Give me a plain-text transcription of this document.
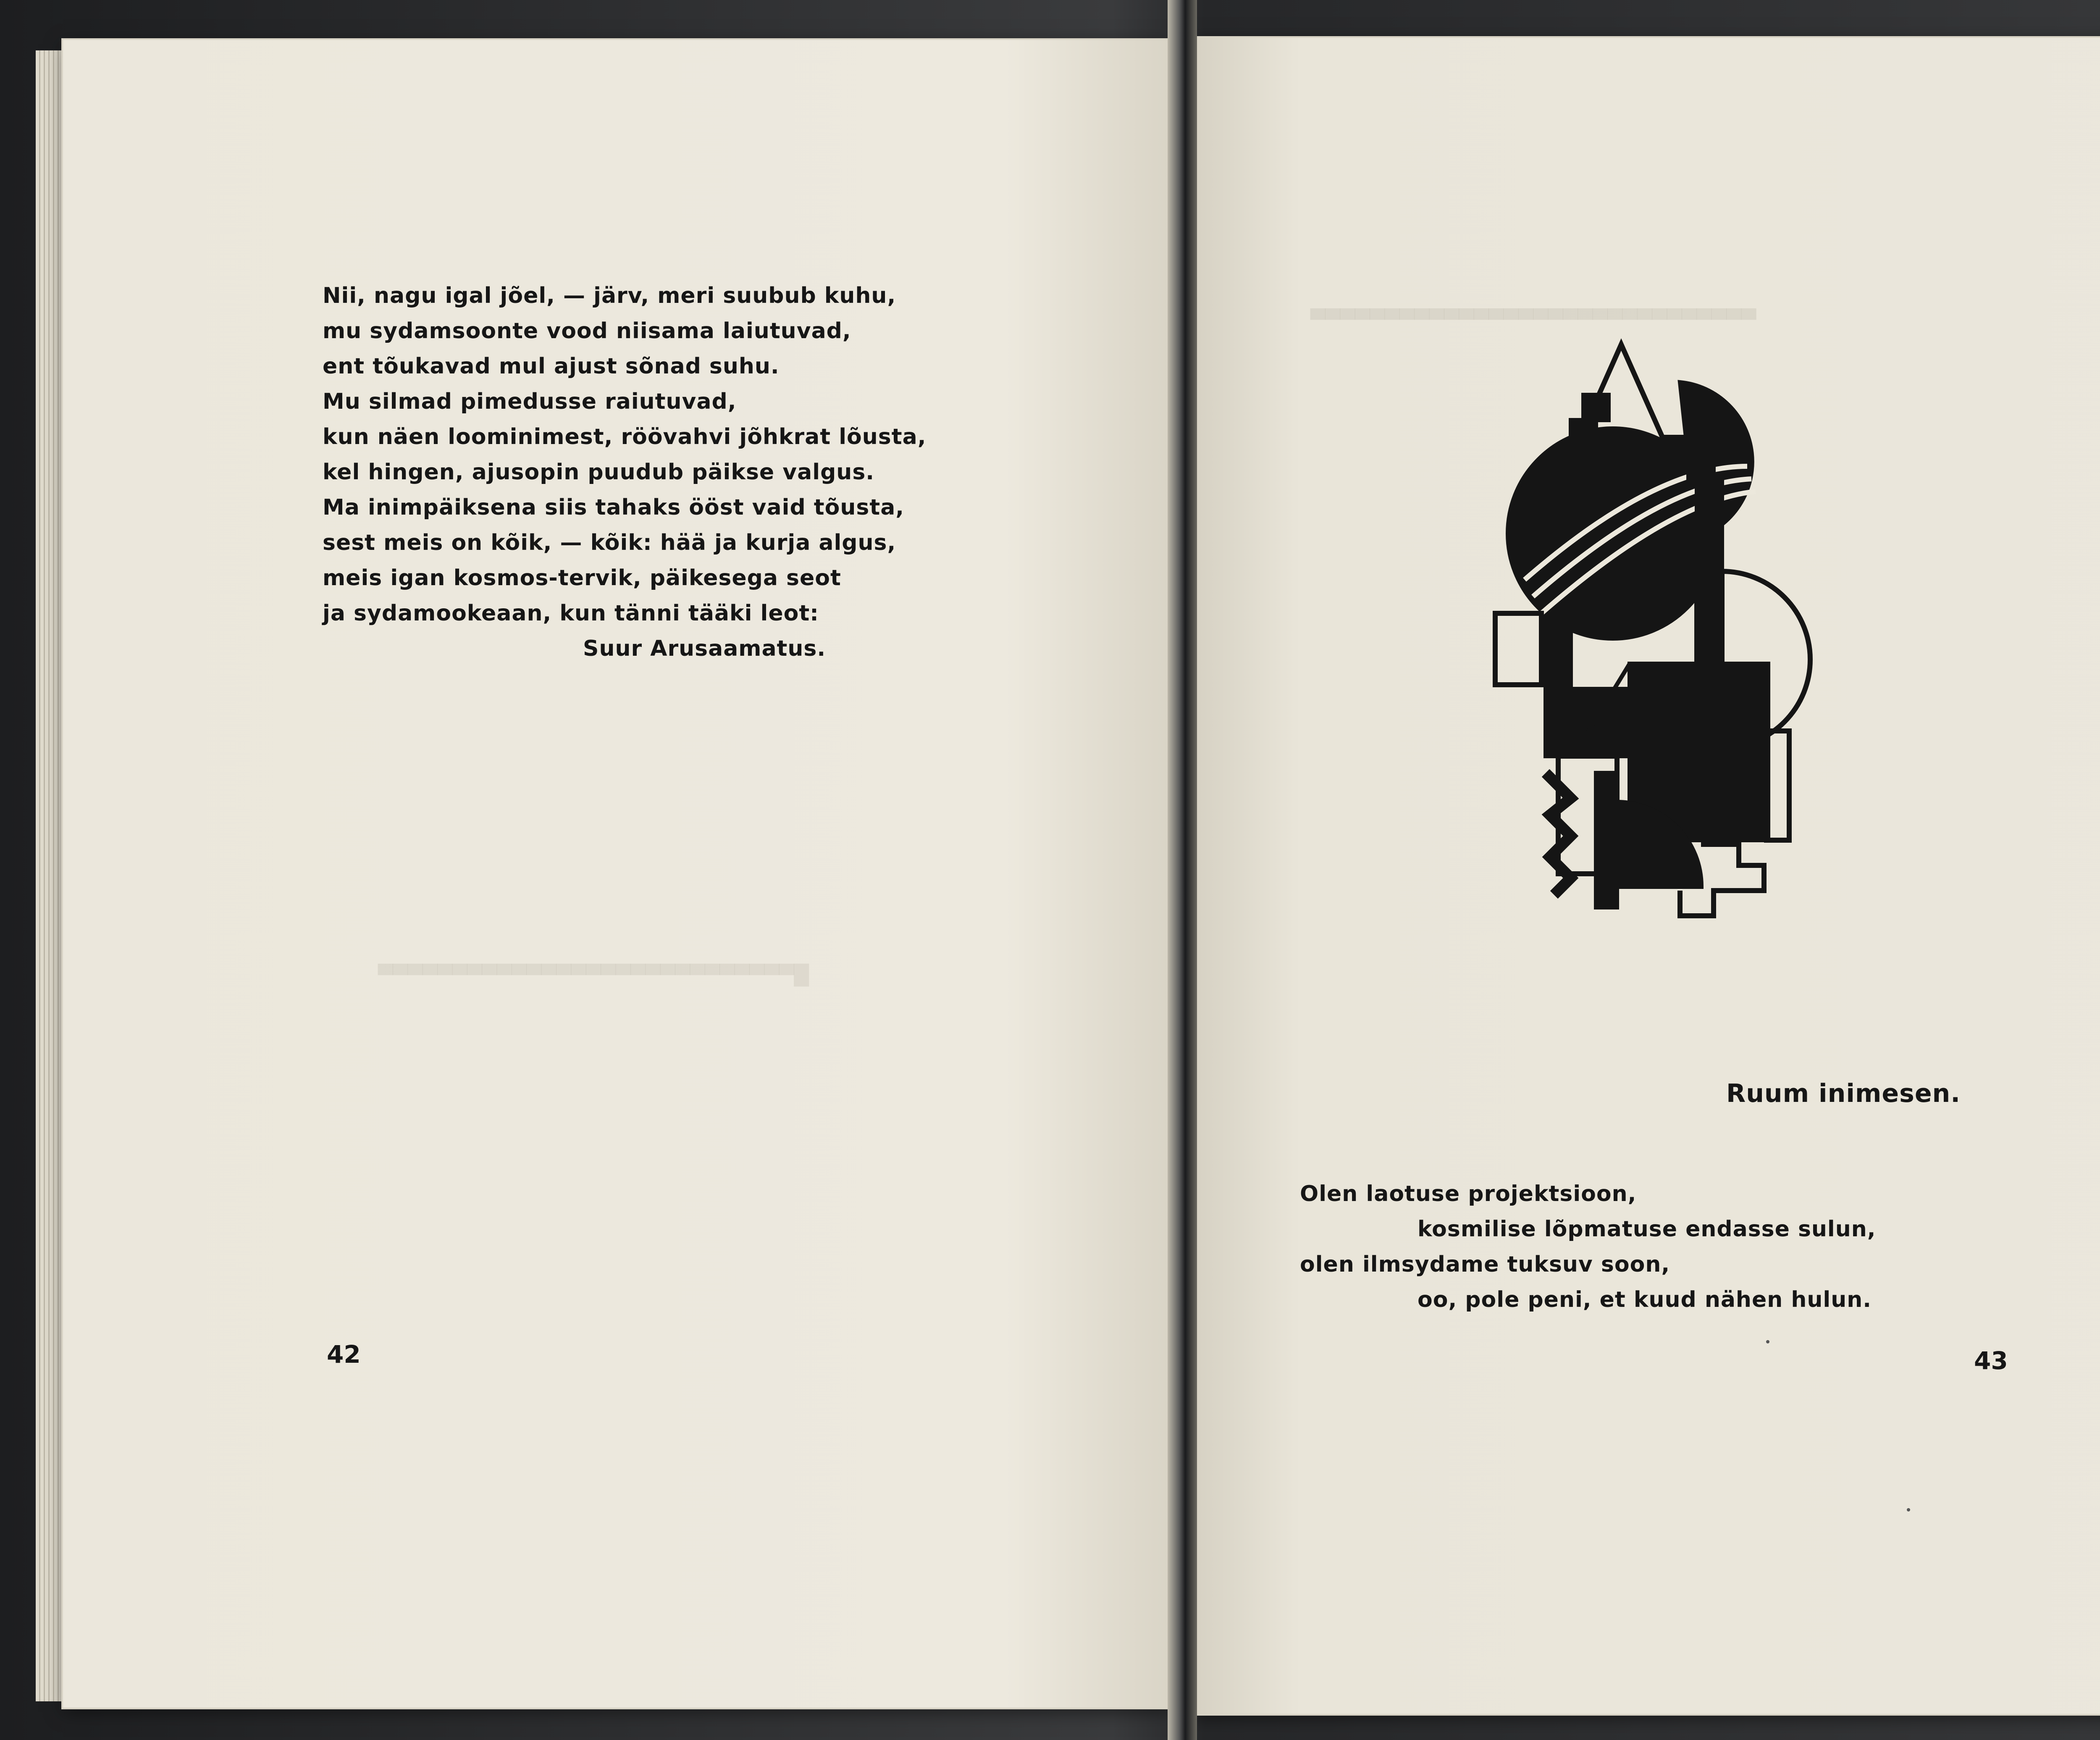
█▀▀▀▀▀▀▀▀▀▀▀▀▀▀▀▀▀▀▀▀▀▀▀▀▀▀▀▀
▀▀▀▀▀▀▀▀▀▀▀▀▀▀▀▀▀▀▀▀▀▀▀▀▀▀▀▀▀▀
Nii, nagu igal jõel, — järv, meri suubub kuhu,
mu sydamsoonte vood niisama laiutuvad,
ent tõukavad mul ajust sõnad suhu.
Mu silmad pimedusse raiutuvad,
kun näen loominimest, röövahvi jõhkrat lõusta,
kel hingen, ajusopin puudub päikse valgus.
Ma inimpäiksena siis tahaks ööst vaid tõusta,
sest meis on kõik, — kõik: hää ja kurja algus,
meis igan kosmos-tervik, päikesega seot
ja sydamookeaan, kun tänni tääki leot:
Suur Arusaamatus.
42
Ruum inimesen.
Olen laotuse projektsioon,
kosmilise lõpmatuse endasse sulun,
olen ilmsydame tuksuv soon,
oo, pole peni, et kuud nähen hulun.
43
